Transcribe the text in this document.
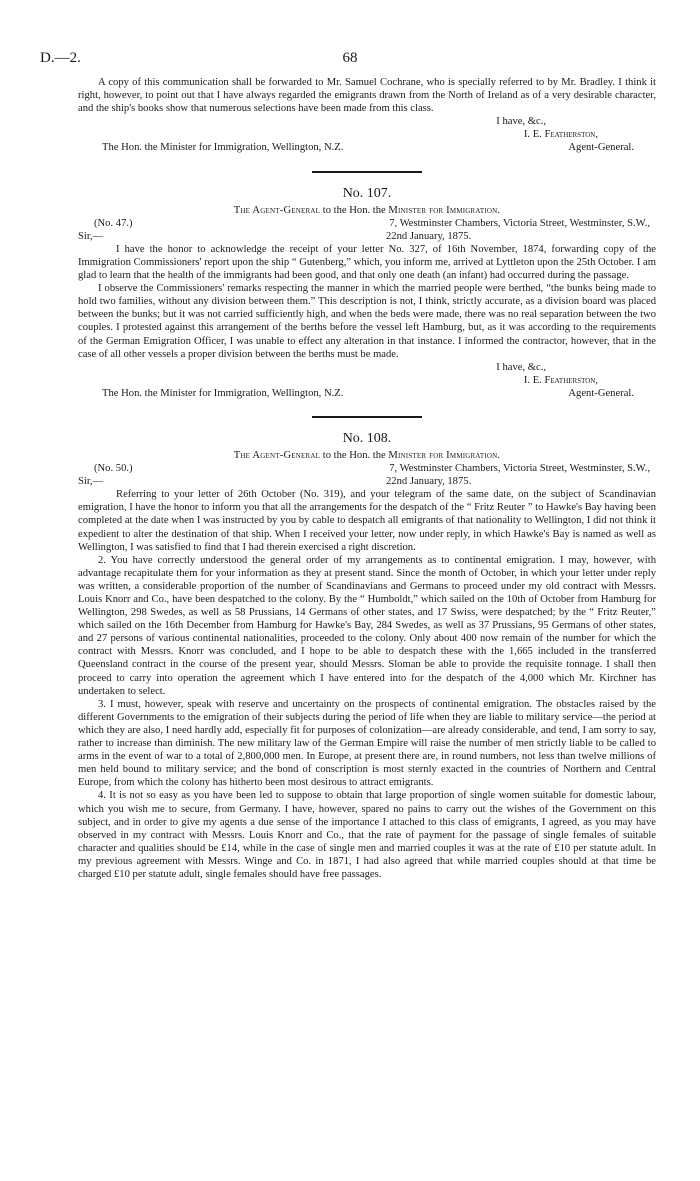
D.—2.	68

A copy of this communication shall be forwarded to Mr. Samuel Cochrane, who is specially referred to by Mr. Bradley. I think it right, however, to point out that I have always regarded the emigrants drawn from the North of Ireland as of a very desirable character, and the ship's books show that numerous selections have been made from this class.

I have, &c.,

I. E. Featherston,

The Hon. the Minister for Immigration, Wellington, N.Z.	Agent-General.

No. 107.

The Agent-General to the Hon. the Minister for Immigration.

(No. 47.)	7, Westminster Chambers, Victoria Street, Westminster, S.W.,
Sir,—	22nd January, 1875.

I have the honor to acknowledge the receipt of your letter No. 327, of 16th November, 1874, forwarding copy of the Immigration Commissioners' report upon the ship “ Gutenberg,” which, you inform me, arrived at Lyttleton upon the 25th October. I am glad to learn that the health of the immigrants had been good, and that only one death (an infant) had occurred during the passage.

I observe the Commissioners' remarks respecting the manner in which the married people were berthed, “the bunks being made to hold two families, without any division between them.” This description is not, I think, strictly accurate, as a division board was placed between the bunks; but it was not carried sufficiently high, and when the beds were made, there was no real separation between the two couples. I protested against this arrangement of the berths before the vessel left Hamburg, but, as it was according to the requirements of the German Emigration Officer, I was unable to effect any alteration in that instance. I informed the contractor, however, that in the case of all other vessels a proper division between the berths must be made.

I have, &c.,

I. E. Featherston,

The Hon. the Minister for Immigration, Wellington, N.Z.	Agent-General.

No. 108.

The Agent-General to the Hon. the Minister for Immigration.

(No. 50.)	7, Westminster Chambers, Victoria Street, Westminster, S.W.,
Sir,—	22nd January, 1875.

Referring to your letter of 26th October (No. 319), and your telegram of the same date, on the subject of Scandinavian emigration, I have the honor to inform you that all the arrangements for the despatch of the “ Fritz Reuter ” to Hawke's Bay having been completed at the date when I was instructed by you by cable to despatch all emigrants of that nationality to Wellington, I did not think it expedient to alter the destination of that ship. When I received your letter, now under reply, in which Hawke's Bay is named as well as Wellington, I was satisfied to find that I had therein exercised a right discretion.

2. You have correctly understood the general order of my arrangements as to continental emigration. I may, however, with advantage recapitulate them for your information as they at present stand. Since the month of October, in which your letter under reply was written, a considerable proportion of the number of Scandinavians and Germans to proceed under my old contract with Messrs. Louis Knorr and Co., have been despatched to the colony. By the “ Humboldt,” which sailed on the 10th of October from Hamburg for Wellington, 298 Swedes, as well as 58 Prussians, 14 Germans of other states, and 17 Swiss, were despatched; by the “ Fritz Reuter,” which sailed on the 16th December from Hamburg for Hawke's Bay, 284 Swedes, as well as 37 Prussians, 95 Germans of other states, and 27 persons of various continental nationalities, proceeded to the colony. Only about 400 now remain of the number for which the contract with Messrs. Knorr was concluded, and I hope to be able to despatch these with the 1,665 included in the transferred Queensland contract in the course of the present year, should Messrs. Sloman be able to provide the requisite tonnage. I shall then proceed to carry into operation the agreement which I have entered into for the despatch of the 4,000 which Mr. Kirchner has undertaken to select.

3. I must, however, speak with reserve and uncertainty on the prospects of continental emigration. The obstacles raised by the different Governments to the emigration of their subjects during the period of life when they are liable to military service—the period at which they are also, I need hardly add, especially fit for purposes of colonization—are already considerable, and tend, I am sorry to say, rather to increase than diminish. The new military law of the German Empire will raise the number of men strictly liable to be called to arms in the event of war to a total of 2,800,000 men. In Europe, at present there are, in round numbers, not less than twelve millions of men held bound to military service; and the bond of conscription is most sternly exacted in the countries of Northern and Central Europe, from which the colony has hitherto been most desirous to attract emigrants.

4. It is not so easy as you have been led to suppose to obtain that large proportion of single women suitable for domestic labour, which you wish me to secure, from Germany. I have, however, spared no pains to carry out the wishes of the Government on this subject, and in order to give my agents a due sense of the importance I attached to this class of emigrants, I agreed, as you may have observed in my contract with Messrs. Louis Knorr and Co., that the rate of payment for the passage of single females of suitable character and qualities should be £14, while in the case of single men and married couples it was at the rate of £10 per statute adult. In my previous agreement with Messrs. Winge and Co. in 1871, I had also agreed that while married couples should at that time be charged £10 per statute adult, single females should have free passages.
